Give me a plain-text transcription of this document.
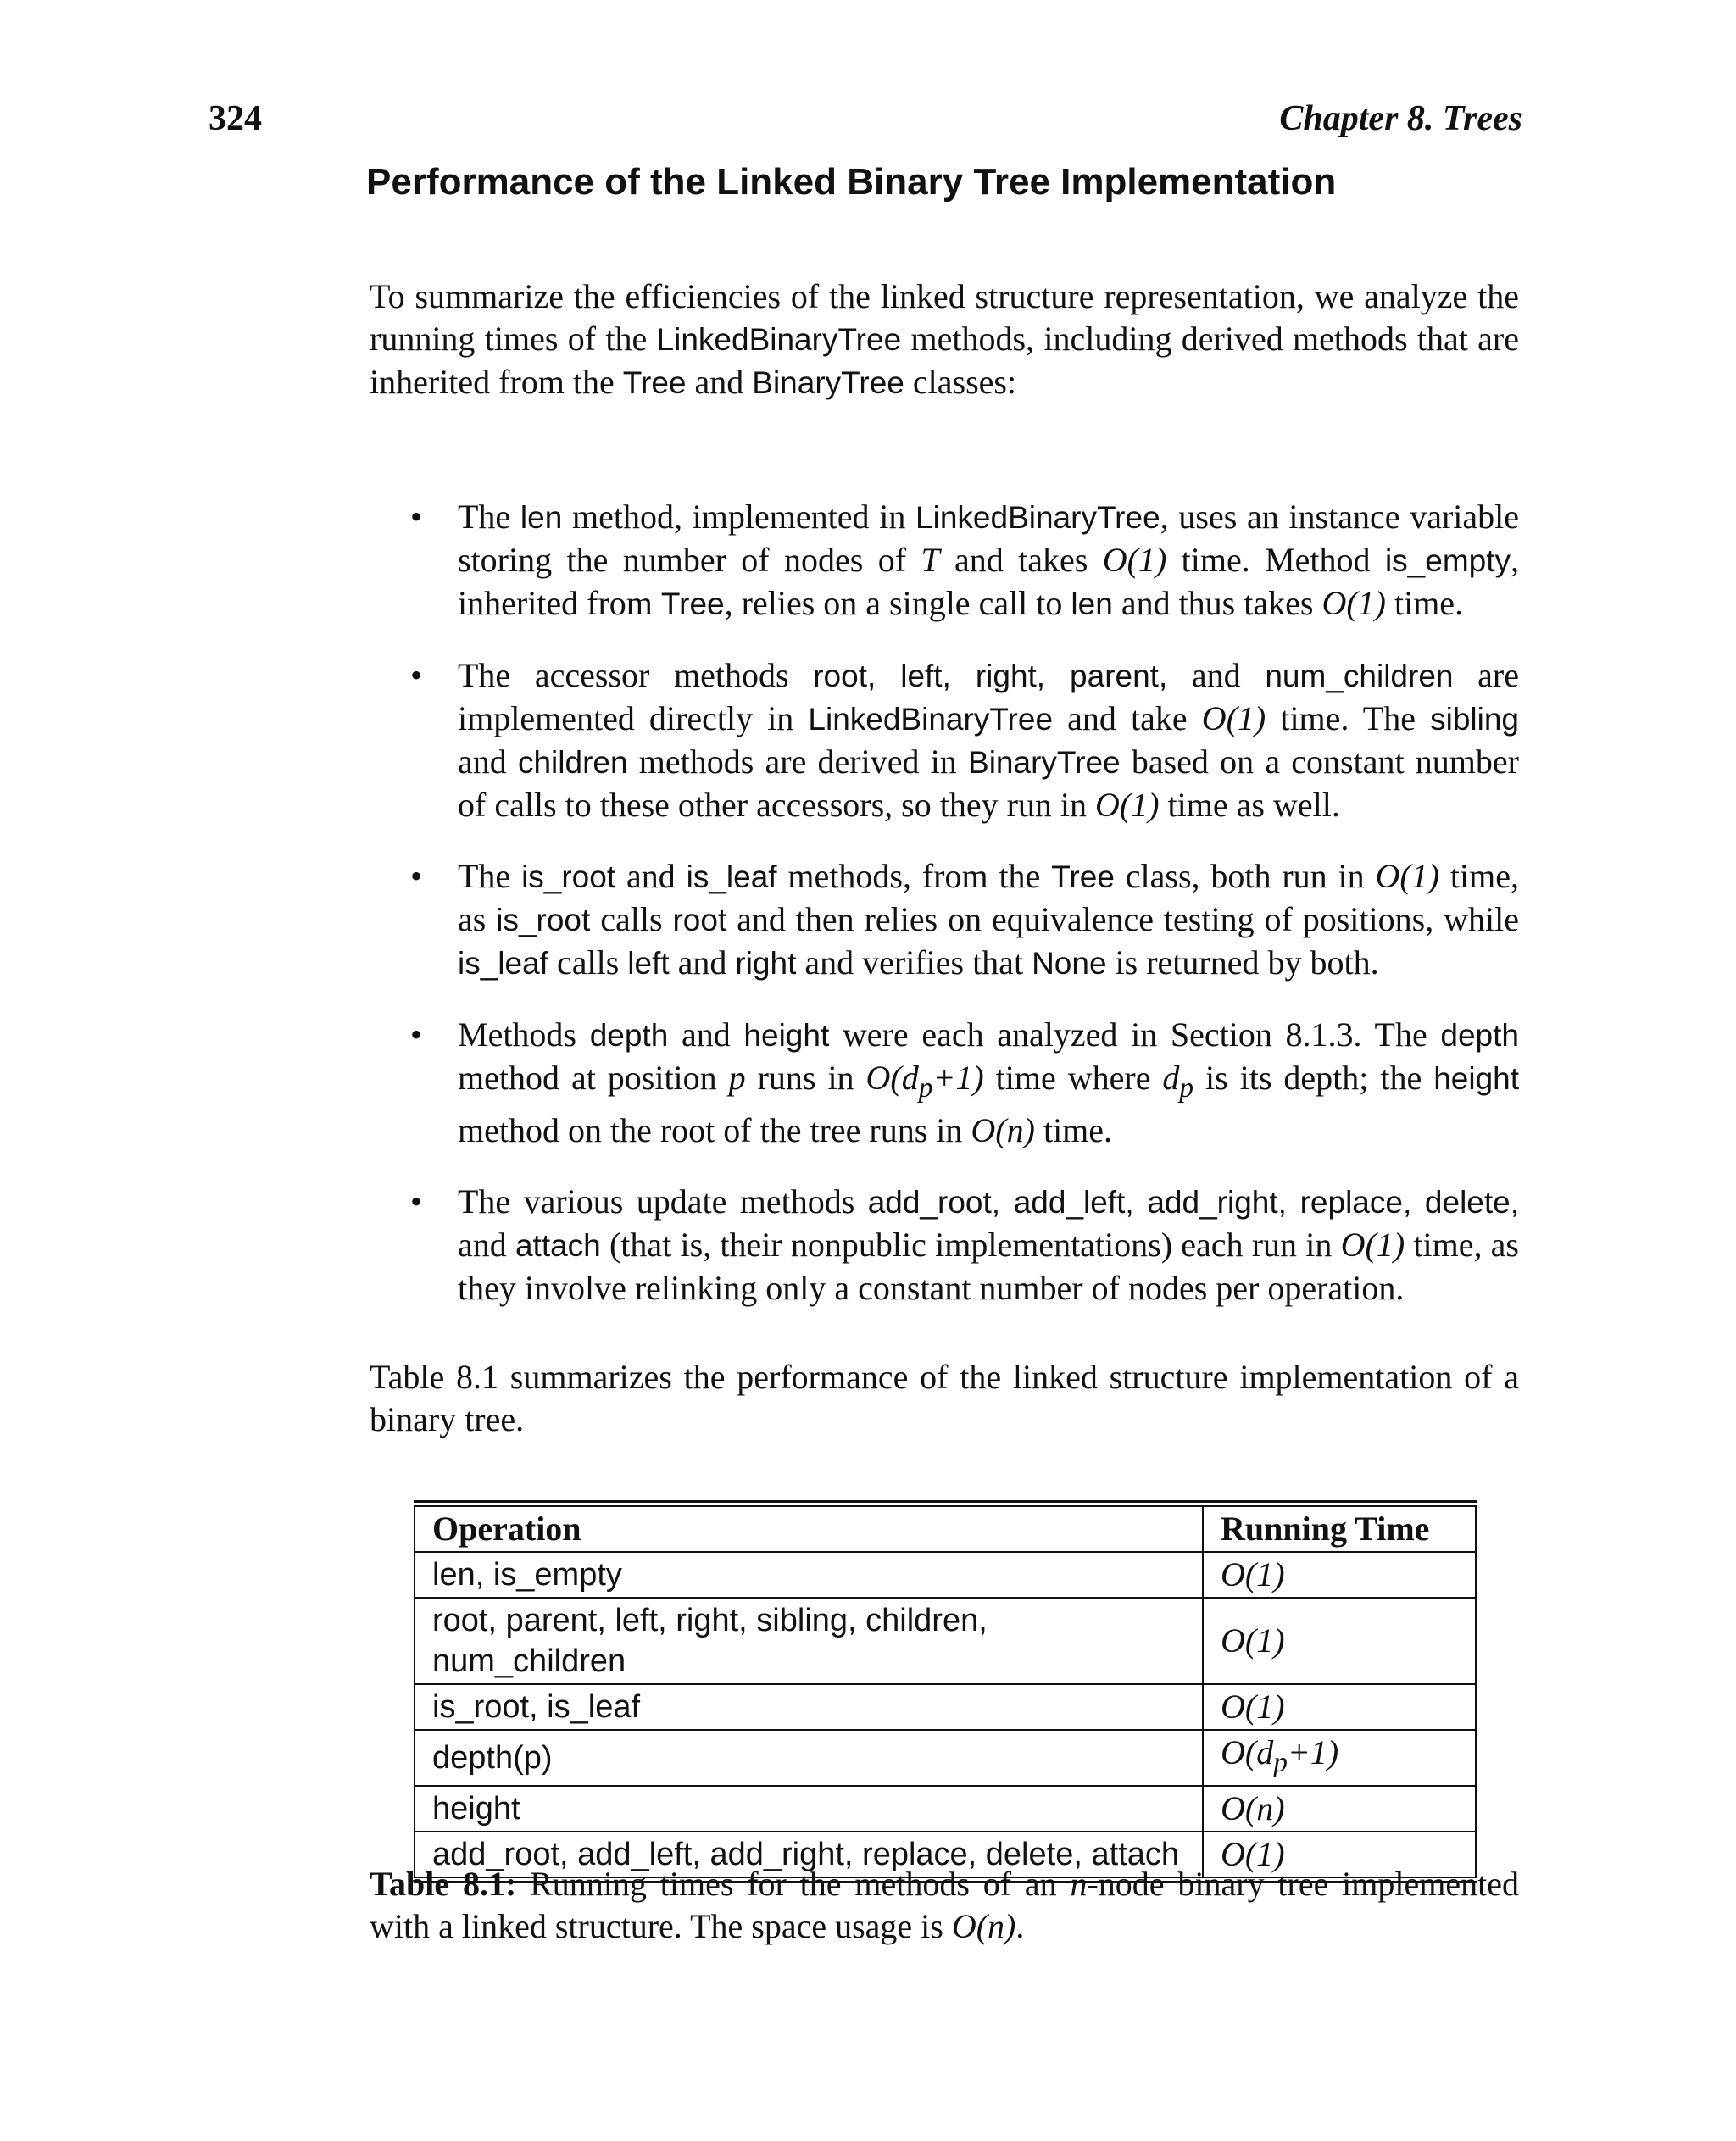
324	Chapter 8. Trees
Performance of the Linked Binary Tree Implementation

To summarize the efficiencies of the linked structure representation, we analyze the running times of the LinkedBinaryTree methods, including derived methods that are inherited from the Tree and BinaryTree classes:

• The len method, implemented in LinkedBinaryTree, uses an instance variable storing the number of nodes of T and takes O(1) time. Method is_empty, inherited from Tree, relies on a single call to len and thus takes O(1) time.
• The accessor methods root, left, right, parent, and num_children are implemented directly in LinkedBinaryTree and take O(1) time. The sibling and children methods are derived in BinaryTree based on a constant number of calls to these other accessors, so they run in O(1) time as well.
• The is_root and is_leaf methods, from the Tree class, both run in O(1) time, as is_root calls root and then relies on equivalence testing of positions, while is_leaf calls left and right and verifies that None is returned by both.
• Methods depth and height were each analyzed in Section 8.1.3. The depth method at position p runs in $O(d_p+1)$ time where $d_p$ is its depth; the height method on the root of the tree runs in O(n) time.
• The various update methods add_root, add_left, add_right, replace, delete, and attach (that is, their nonpublic implementations) each run in O(1) time, as they involve relinking only a constant number of nodes per operation.

Table 8.1 summarizes the performance of the linked structure implementation of a binary tree.

Operation	Running Time
len, is_empty	O(1)
root, parent, left, right, sibling, children, num_children	O(1)
is_root, is_leaf	O(1)
depth(p)	$O(d_p+1)$
height	O(n)
add_root, add_left, add_right, replace, delete, attach	O(1)

Table 8.1: Running times for the methods of an n-node binary tree implemented with a linked structure. The space usage is O(n).
